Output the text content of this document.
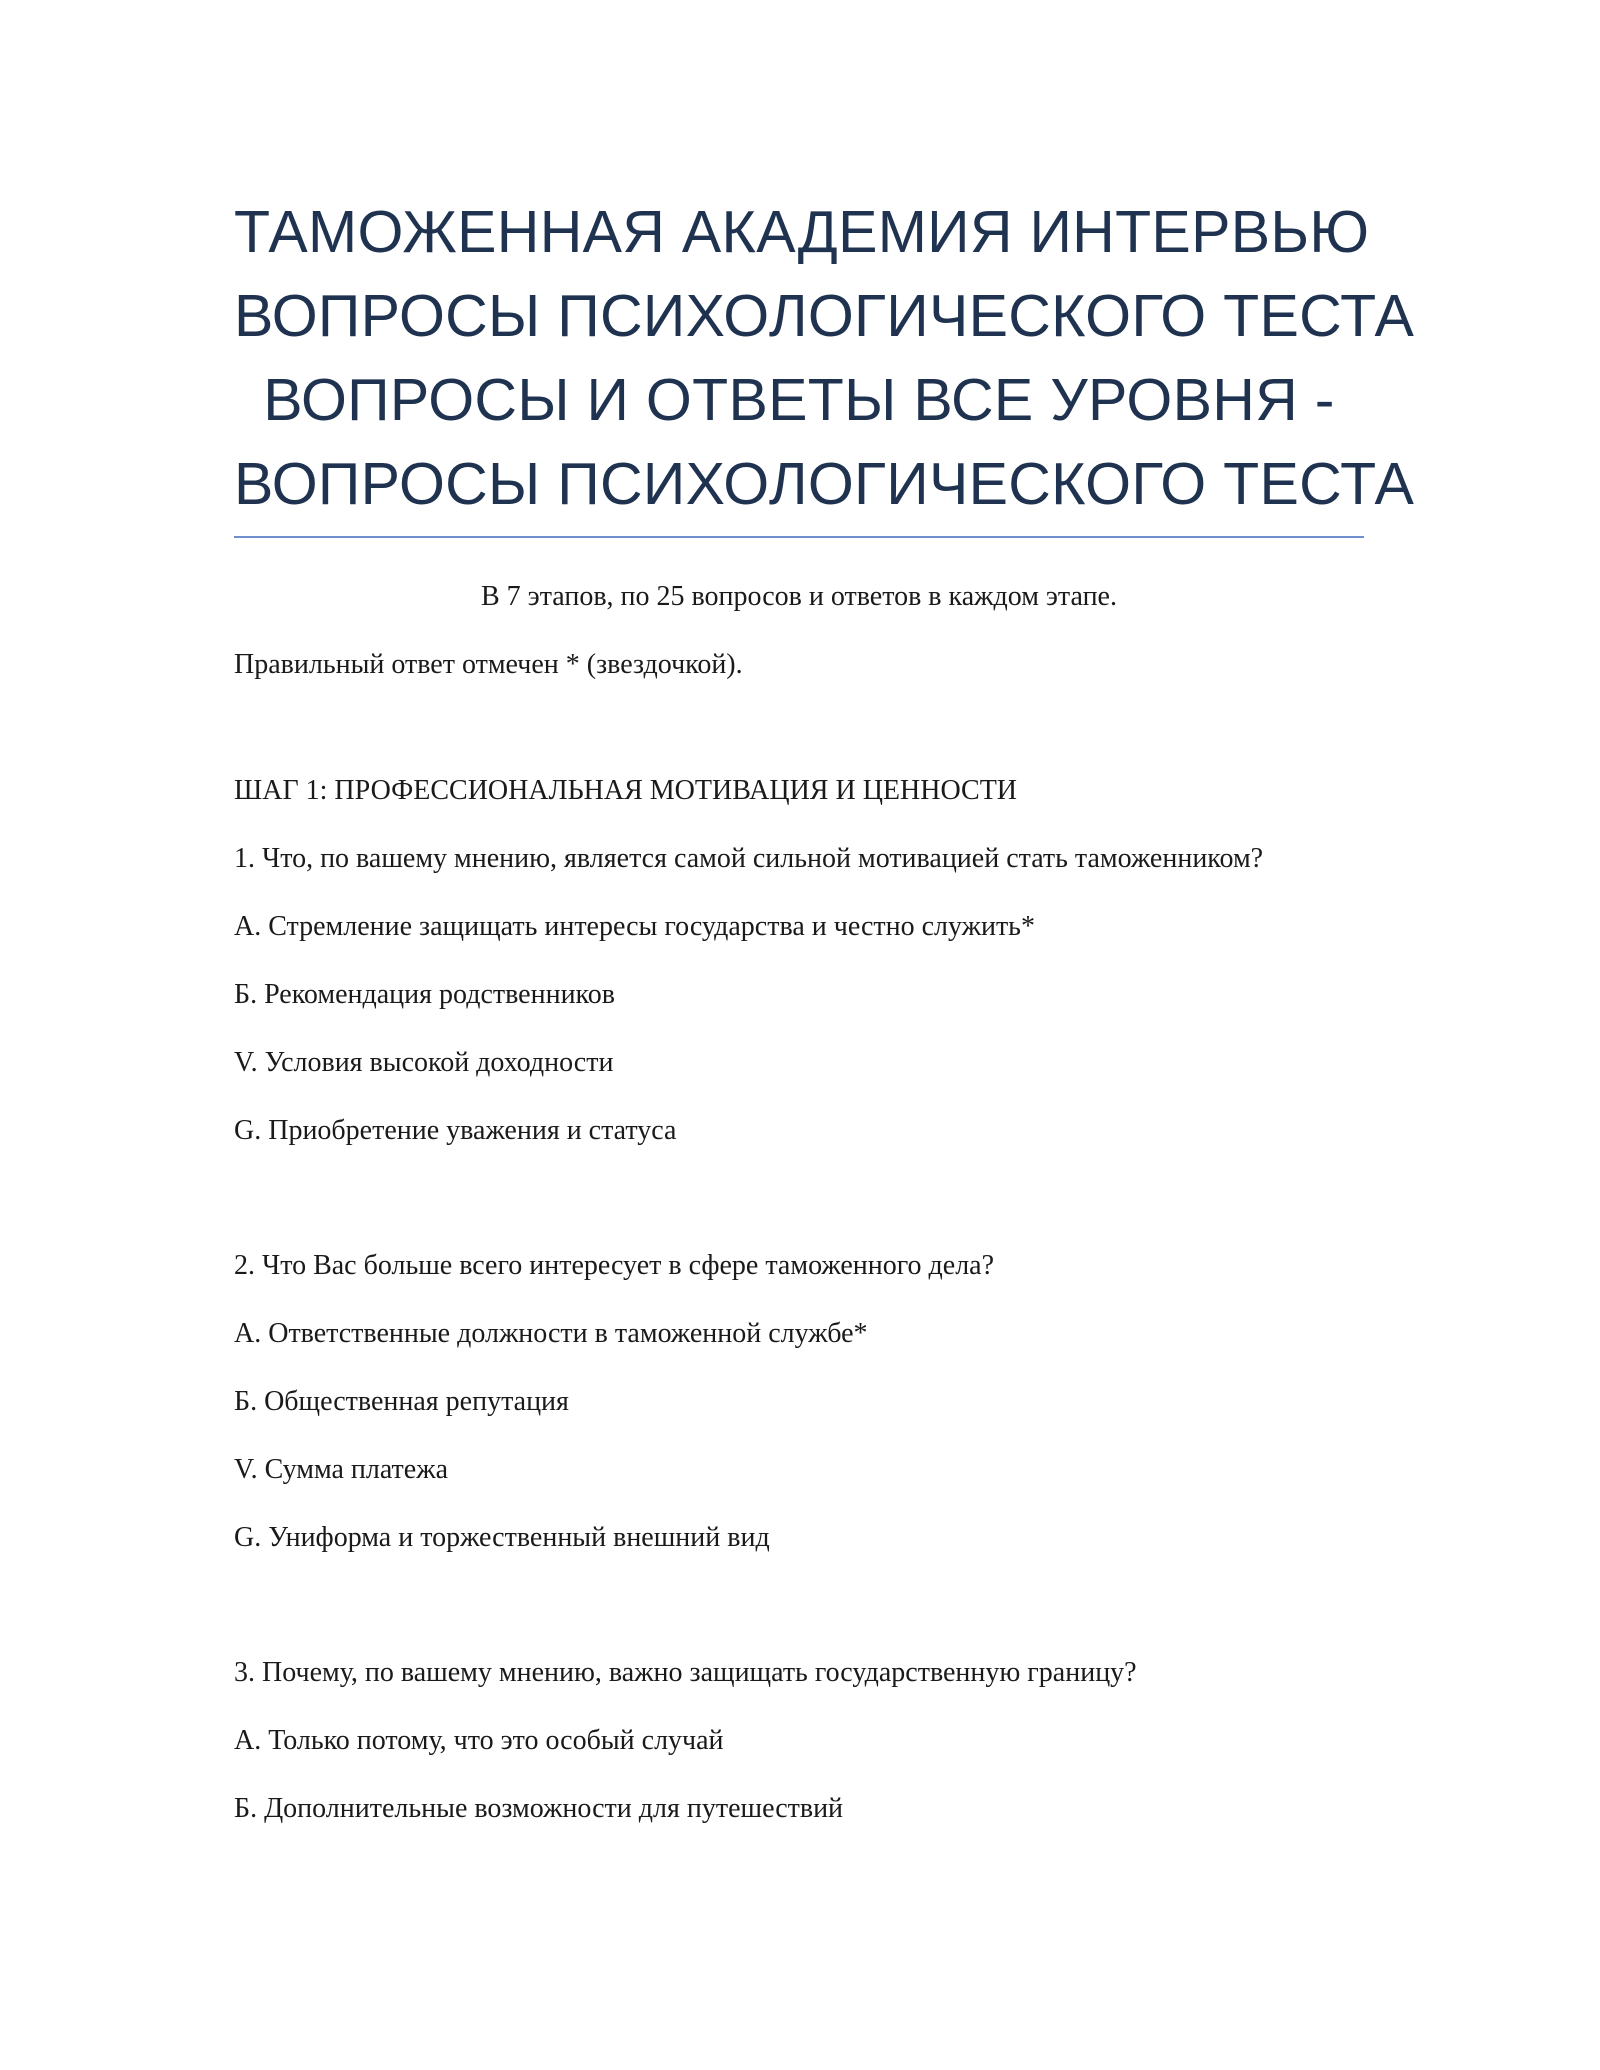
ТАМОЖЕННАЯ АКАДЕМИЯ ИНТЕРВЬЮ
ВОПРОСЫ ПСИХОЛОГИЧЕСКОГО ТЕСТА
ВОПРОСЫ И ОТВЕТЫ ВСЕ УРОВНЯ -
ВОПРОСЫ ПСИХОЛОГИЧЕСКОГО ТЕСТА

В 7 этапов, по 25 вопросов и ответов в каждом этапе.

Правильный ответ отмечен * (звездочкой).

ШАГ 1: ПРОФЕССИОНАЛЬНАЯ МОТИВАЦИЯ И ЦЕННОСТИ

1. Что, по вашему мнению, является самой сильной мотивацией стать таможенником?

A. Стремление защищать интересы государства и честно служить*

Б. Рекомендация родственников

V. Условия высокой доходности

G. Приобретение уважения и статуса

2. Что Вас больше всего интересует в сфере таможенного дела?

A. Ответственные должности в таможенной службе*

Б. Общественная репутация

V. Сумма платежа

G. Униформа и торжественный внешний вид

3. Почему, по вашему мнению, важно защищать государственную границу?

A. Только потому, что это особый случай

Б. Дополнительные возможности для путешествий
